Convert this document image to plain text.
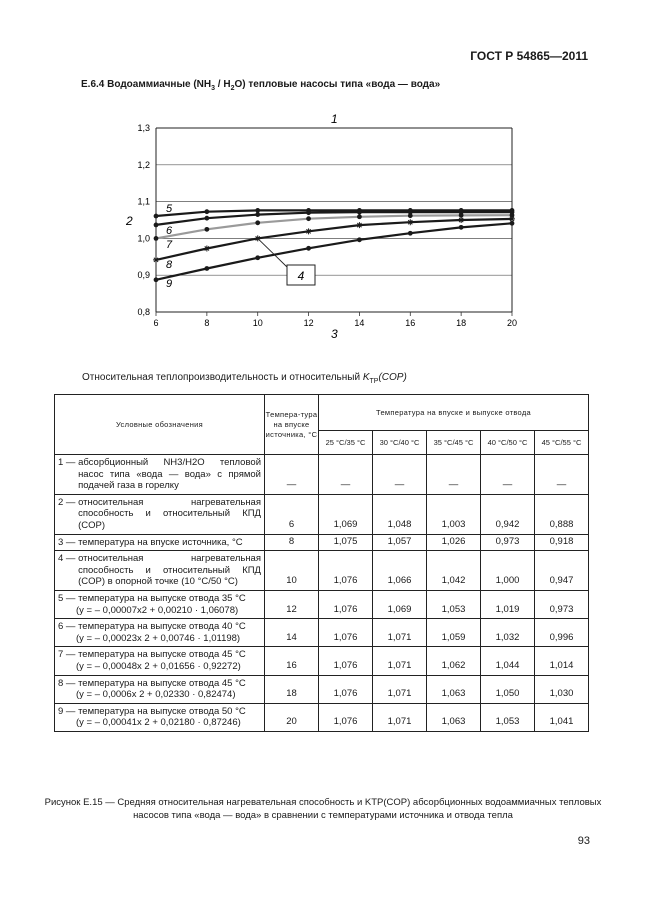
ГОСТ Р 54865—2011
Е.6.4 Водоаммиачные $(NH_3 / H_2O)$ тепловые насосы типа «вода — вода»
0,8
0,9
1,0
1,1
1,2
1,3
6	8	10	12	14	16	18	20
5
6
7
8
9
1
2
3
4
Относительная теплопроизводительность и относительный $K_{ТР}(COP)$
Условные обозначения	Темпера-тура на впуске источника, °С	Температура на впуске и выпуске отвода				
		25 °С/35 °С	30 °С/40 °С	35 °С/45 °С	40 °С/50 °С	45 °С/55 °С

1 — абсорбционный NH3/H2O тепловой насос типа «вода — вода» с прямой подачей газа в горелку	—	—	—	—	—	—

2 — относительная нагревательная способность и относительный КПД (COP)	6	1,069	1,048	1,003	0,942	0,888

3 — температура на впуске источника, °С	8	1,075	1,057	1,026	0,973	0,918

4 — относительная нагревательная способность и относительный КПД (COP) в опорной точке (10 °С/50 °С)	10	1,076	1,066	1,042	1,000	0,947

5 — температура на выпуске отвода 35 °С
(y = – 0,00007x2 + 0,00210 · 1,06078)	12	1,076	1,069	1,053	1,019	0,973

6 — температура на выпуске отвода 40 °С
(y = – 0,00023x 2 + 0,00746 · 1,01198)	14	1,076	1,071	1,059	1,032	0,996

7 — температура на выпуске отвода 45 °С
(y = – 0,00048x 2 + 0,01656 · 0,92272)	16	1,076	1,071	1,062	1,044	1,014

8 — температура на выпуске отвода 45 °С
(y = – 0,0006x 2 + 0,02330 · 0,82474)	18	1,076	1,071	1,063	1,050	1,030

9 — температура на выпуске отвода 50 °С
(y = – 0,00041x 2 + 0,02180 · 0,87246)	20	1,076	1,071	1,063	1,053	1,041
Рисунок Е.15 — Средняя относительная нагревательная способность и KТР(COP) абсорбционных водоаммиачных тепловых насосов типа «вода — вода» в сравнении с температурами источника и отвода тепла
93
